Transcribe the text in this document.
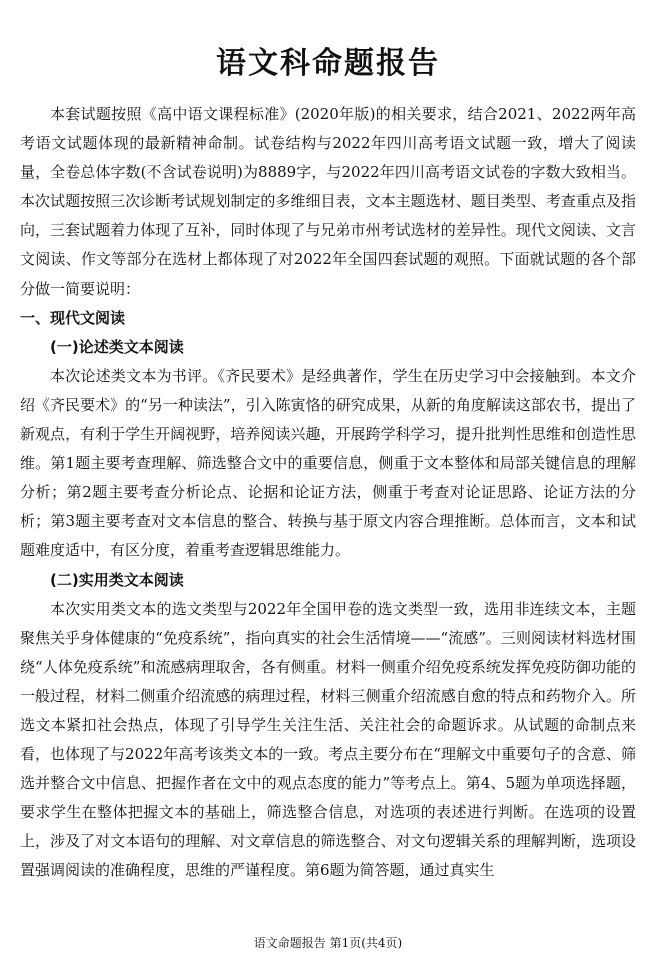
语文科命题报告

本套试题按照《高中语文课程标准》(2020年版)的相关要求，结合2021、2022两年高考语文试题体现的最新精神命制。试卷结构与2022年四川高考语文试题一致，增大了阅读量，全卷总体字数(不含试卷说明)为8889字，与2022年四川高考语文试卷的字数大致相当。本次试题按照三次诊断考试规划制定的多维细目表，文本主题选材、题目类型、考查重点及指向，三套试题着力体现了互补，同时体现了与兄弟市州考试选材的差异性。现代文阅读、文言文阅读、作文等部分在选材上都体现了对2022年全国四套试题的观照。下面就试题的各个部分做一简要说明：

一、现代文阅读
(一)论述类文本阅读

本次论述类文本为书评。《齐民要术》是经典著作，学生在历史学习中会接触到。本文介绍《齐民要术》的“另一种读法”，引入陈寅恪的研究成果，从新的角度解读这部农书，提出了新观点，有利于学生开阔视野，培养阅读兴趣，开展跨学科学习，提升批判性思维和创造性思维。第1题主要考查理解、筛选整合文中的重要信息，侧重于文本整体和局部关键信息的理解分析；第2题主要考查分析论点、论据和论证方法，侧重于考查对论证思路、论证方法的分析；第3题主要考查对文本信息的整合、转换与基于原文内容合理推断。总体而言，文本和试题难度适中，有区分度，着重考查逻辑思维能力。

(二)实用类文本阅读

本次实用类文本的选文类型与2022年全国甲卷的选文类型一致，选用非连续文本，主题聚焦关乎身体健康的“免疫系统”，指向真实的社会生活情境——“流感”。三则阅读材料选材围绕“人体免疫系统”和流感病理取舍，各有侧重。材料一侧重介绍免疫系统发挥免疫防御功能的一般过程，材料二侧重介绍流感的病理过程，材料三侧重介绍流感自愈的特点和药物介入。所选文本紧扣社会热点，体现了引导学生关注生活、关注社会的命题诉求。从试题的命制点来看，也体现了与2022年高考该类文本的一致。考点主要分布在“理解文中重要句子的含意、筛选并整合文中信息、把握作者在文中的观点态度的能力”等考点上。第4、5题为单项选择题，要求学生在整体把握文本的基础上，筛选整合信息，对选项的表述进行判断。在选项的设置上，涉及了对文本语句的理解、对文章信息的筛选整合、对文句逻辑关系的理解判断，选项设置强调阅读的准确程度，思维的严谨程度。第6题为简答题，通过真实生

语文命题报告 第1页(共4页)
